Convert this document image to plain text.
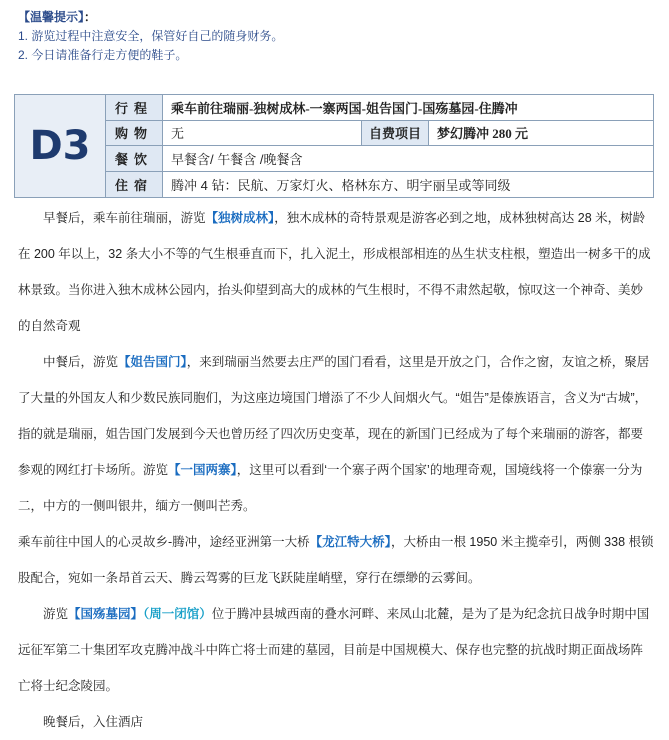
【温馨提示】：
1. 游览过程中注意安全，保管好自己的随身财务。
2. 今日请准备行走方便的鞋子。
D3
行程	乘车前往瑞丽-独树成林-一寨两国-姐告国门-国殇墓园-住腾冲
购物	无	自费项目	梦幻腾冲 280 元
餐饮	早餐含/ 午餐含 /晚餐含
住宿	腾冲 4 钻：民航、万家灯火、格林东方、明宇丽呈或等同级

早餐后，乘车前往瑞丽，游览【独树成林】，独木成林的奇特景观是游客必到之地，成林独树高达 28 米，树龄在 200 年以上，32 条大小不等的气生根垂直而下，扎入泥土，形成根部相连的丛生状支柱根，塑造出一树多干的成林景致。当你进入独木成林公园内，抬头仰望到高大的成林的气生根时，不得不肃然起敬，惊叹这一个神奇、美妙的自然奇观

中餐后，游览【姐告国门】，来到瑞丽当然要去庄严的国门看看，这里是开放之门，合作之窗，友谊之桥，聚居了大量的外国友人和少数民族同胞们，为这座边境国门增添了不少人间烟火气。“姐告”是傣族语言，含义为“古城”，指的就是瑞丽，姐告国门发展到今天也曾历经了四次历史变革，现在的新国门已经成为了每个来瑞丽的游客，都要参观的网红打卡场所。游览【一国两寨】，这里可以看到‘一个寨子两个国家’的地理奇观，国境线将一个傣寨一分为二，中方的一侧叫银井，缅方一侧叫芒秀。

乘车前往中国人的心灵故乡-腾冲，途经亚洲第一大桥【龙江特大桥】，大桥由一根 1950 米主揽牵引，两侧 338 根锁股配合，宛如一条昂首云天、腾云驾雾的巨龙飞跃陡崖峭壁，穿行在缥缈的云雾间。

游览【国殇墓园】（周一闭馆）位于腾冲县城西南的叠水河畔、来凤山北麓，是为了是为纪念抗日战争时期中国远征军第二十集团军攻克腾冲战斗中阵亡将士而建的墓园，目前是中国规模大、保存也完整的抗战时期正面战场阵亡将士纪念陵园。

晚餐后，入住酒店
